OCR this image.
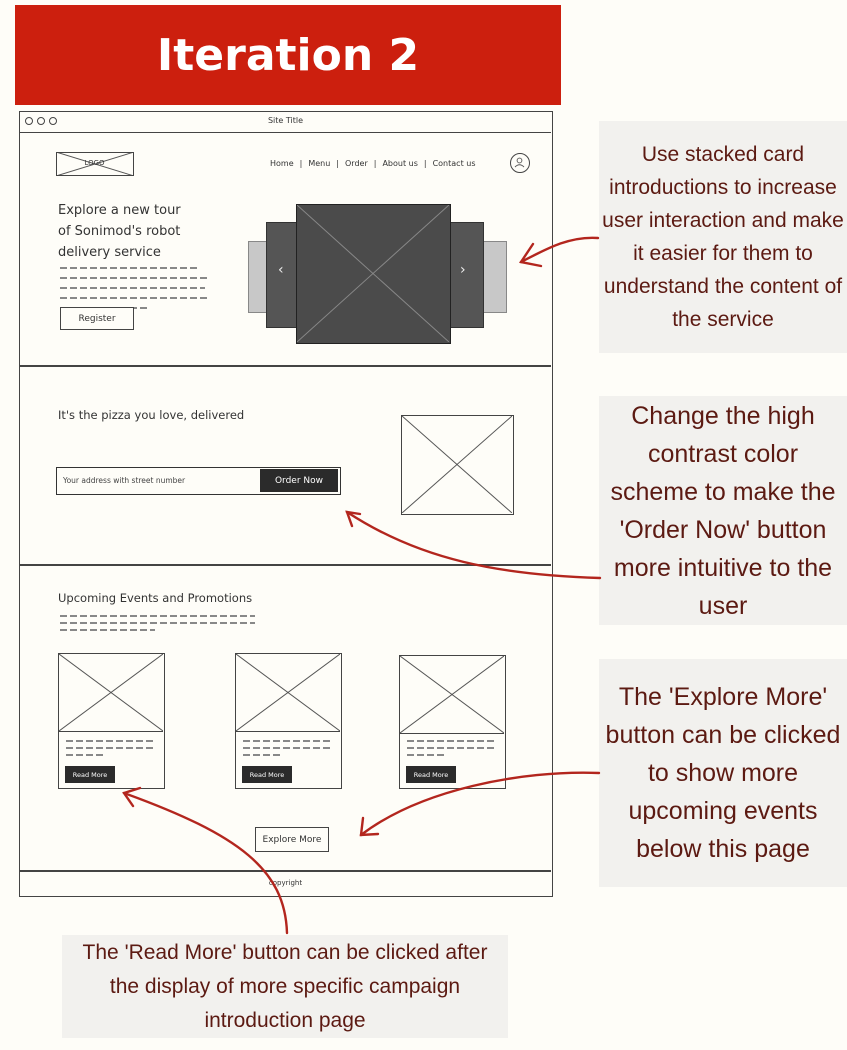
Iteration 2
Site Title
LOGO	Home | Menu | Order | About us | Contact us
Explore a new tour
of Sonimod's robot
delivery service
Register
‹	›
It's the pizza you love, delivered
Your address with street number	Order Now
Upcoming Events and Promotions
Read More	Read More	Read More
Explore More
copyright
Use stacked card introductions to increase user interaction and make it easier for them to understand the content of the service
Change the high contrast color scheme to make the 'Order Now' button more intuitive to the user
The 'Explore More' button can be clicked to show more upcoming events below this page
The 'Read More' button can be clicked after the display of more specific campaign introduction page
